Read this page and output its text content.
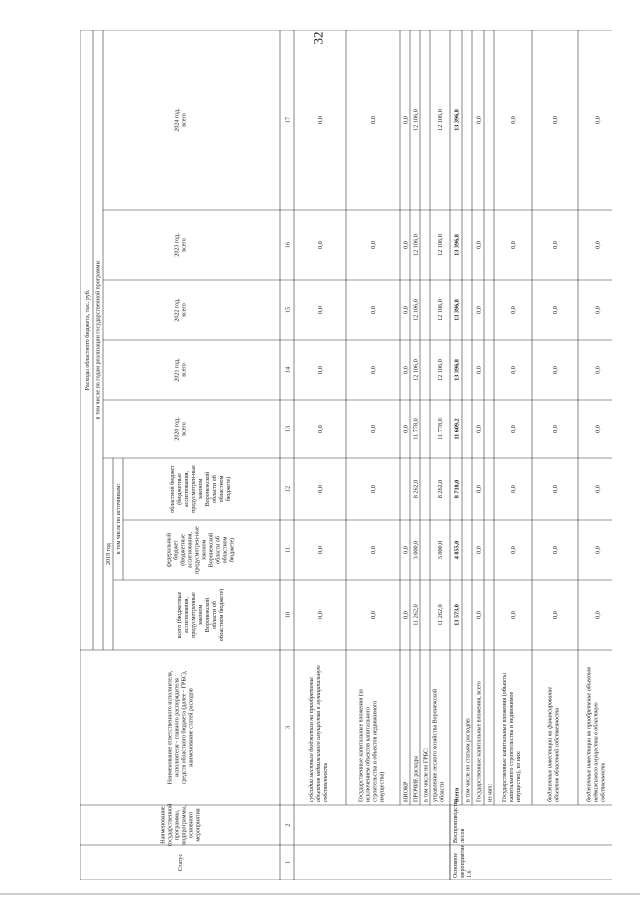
32
Расходы областного бюджета, тыс. руб. в том числе по годам реализации государственной программы
2019 год в том числе по источникам:
Статус
Наименованиегосударственнойпрограммы,подпрограммы,основногомероприятия
Наименование ответственного исполнителя,исполнителя - главного распорядителясредств областного бюджета (далее - ГРБС),наименование статей расходов
всего (бюджетныеассигнования,предусмотренныезакономВоронежскойобласти обобластном бюджете)
федеральныйбюджет(бюджетныеассигнования,предусмотрен-ныезакономВоронежскойобласти обобластномбюджете)
областной бюджет(бюджетныеассигнования,предусмотрен-ныезакономВоронежскойобласти обобластномбюджете)
2020 год,всего
2021 год,всего
2022 год,всего
2023 год,всего
2024 год,всего
1
2
3
10
11
12
13
14
15
16
17
субсидии местным бюджетам на приобретениеобъектов недвижимого имущества в муниципальнуюсобственность
0,0
0,0
0,0
0,0
0,0
0,0
0,0
0,0
Государственные капитальные вложения (заисключением объектов капитальногостроительства и объектов недвижимогоимущества)
0,0
0,0
0,0
0,0
0,0
0,0
0,0
0,0
НИОКР
0,0
0,0
0,0
0,0
0,0
0,0
0,0
ПРОЧИЕ расходы
11 262,0
3 000,0
8 262,0
11 778,0
12 106,0
12 106,0
12 106,0
12 106,0
в том числе по ГРБС: управление лесного хозяйства Воронежскойобласти
11 262,0
3 000,0
8 262,0
11 778,0
12 106,0
12 106,0
12 106,0
12 106,0
всего
Основноемероприятие1.6
Воспроизводстволесов
13 573,0
4 855,0
8 718,0
11 609,2
13 396,8
13 396,8
13 396,8
13 396,8
в том числе по статьям расходов: Государственные капитальные вложения, всего
0,0
0,0
0,0
0,0
0,0
0,0
0,0
0,0
из них: Государственные капитальные вложения (объектыкапитального строительства и недвижимоеимущество), из них:
0,0
0,0
0,0
0,0
0,0
0,0
0,0
0,0
бюджетные инвестиции на финансированиеобъектов областной собственности
0,0
0,0
0,0
0,0
0,0
0,0
0,0
0,0
бюджетные инвестиции на приобретение объектовнедвижимого имущества в областнуюсобственность
0,0
0,0
0,0
0,0
0,0
0,0
0,0
0,0
